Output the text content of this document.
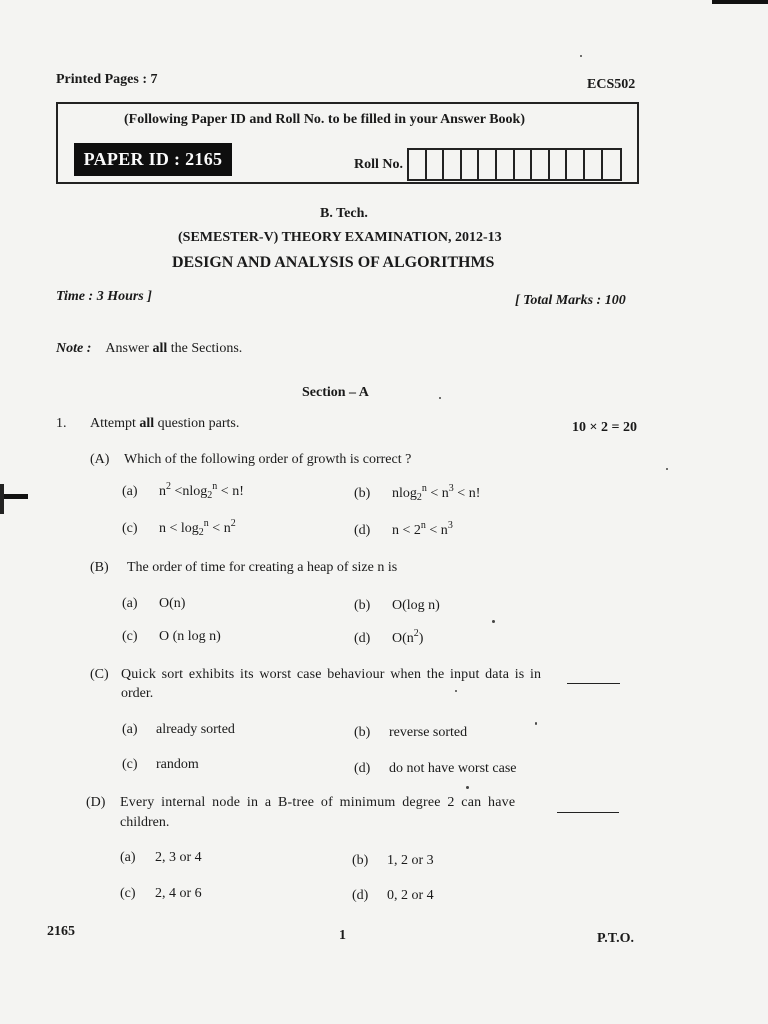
Printed Pages : 7	ECS502
(Following Paper ID and Roll No. to be filled in your Answer Book)
PAPER ID : 2165	Roll No.
B. Tech.
(SEMESTER-V) THEORY EXAMINATION, 2012-13
DESIGN AND ANALYSIS OF ALGORITHMS
Time : 3 Hours ]	[ Total Marks : 100
Note : Answer all the Sections.
Section – A
1. Attempt all question parts.	10 × 2 = 20
(A) Which of the following order of growth is correct ?
(a) $n^2 <nlog_2^n < n$!	(b) $nlog_2^n < n^3 < n$!
(c) $n < \log_2^n < n^2$	(d) $n < 2^n < n^3$
(B) The order of time for creating a heap of size n is
(a) O(n)	(b) O(log n)
(c) O (n log n)	(d) $O(n^2)$
(C) Quick sort exhibits its worst case behaviour when the input data is in
order.
(a) already sorted	(b) reverse sorted
(c) random	(d) do not have worst case
(D) Every internal node in a B-tree of minimum degree 2 can have
children.
(a) 2, 3 or 4	(b) 1, 2 or 3
(c) 2, 4 or 6	(d) 0, 2 or 4
2165	1	P.T.O.
